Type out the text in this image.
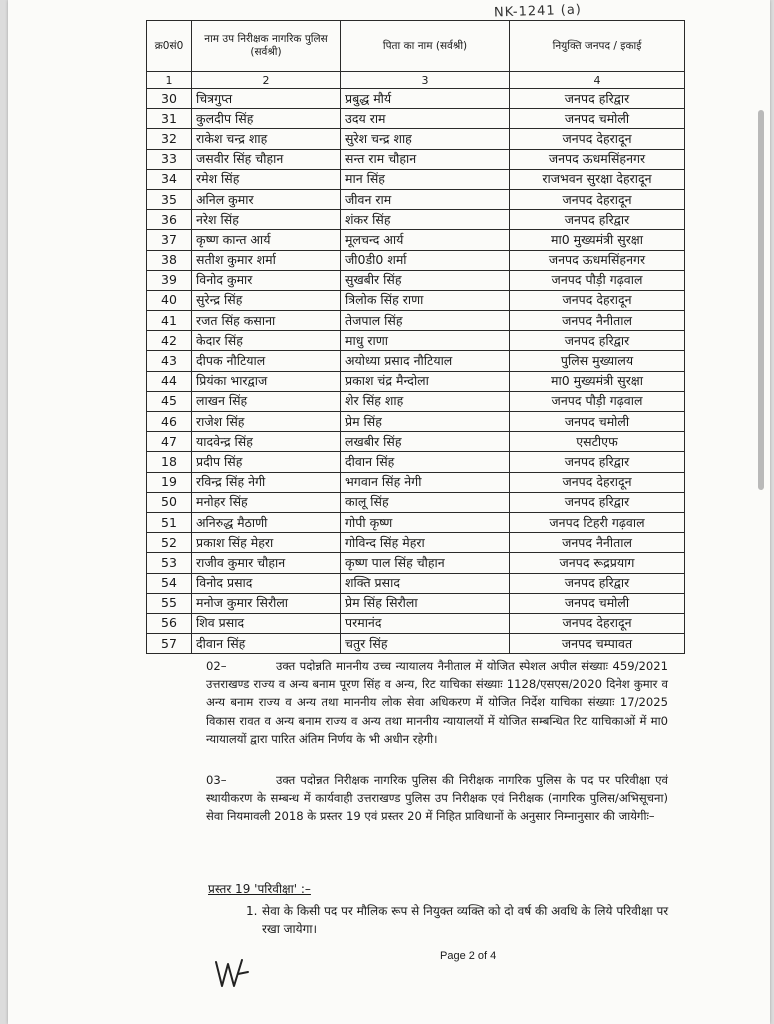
NK-1241 (a)
क्र0सं0	नाम उप निरीक्षक नागरिक पुलिस (सर्वश्री)	पिता का नाम (सर्वश्री)	नियुक्ति जनपद / इकाई
1	2	3	4
30	चित्रगुप्त	प्रबुद्ध मौर्य	जनपद हरिद्वार
31	कुलदीप सिंह	उदय राम	जनपद चमोली
32	राकेश चन्द्र शाह	सुरेश चन्द्र शाह	जनपद देहरादून
33	जसवीर सिंह चौहान	सन्त राम चौहान	जनपद ऊधमसिंहनगर
34	रमेश सिंह	मान सिंह	राजभवन सुरक्षा देहरादून
35	अनिल कुमार	जीवन राम	जनपद देहरादून
36	नरेश सिंह	शंकर सिंह	जनपद हरिद्वार
37	कृष्ण कान्त आर्य	मूलचन्द आर्य	मा0 मुख्यमंत्री सुरक्षा
38	सतीश कुमार शर्मा	जी0डी0 शर्मा	जनपद ऊधमसिंहनगर
39	विनोद कुमार	सुखबीर सिंह	जनपद पौड़ी गढ़वाल
40	सुरेन्द्र सिंह	त्रिलोक सिंह राणा	जनपद देहरादून
41	रजत सिंह कसाना	तेजपाल सिंह	जनपद नैनीताल
42	केदार सिंह	माधु राणा	जनपद हरिद्वार
43	दीपक नौटियाल	अयोध्या प्रसाद नौटियाल	पुलिस मुख्यालय
44	प्रियंका भारद्वाज	प्रकाश चंद्र मैन्दोला	मा0 मुख्यमंत्री सुरक्षा
45	लाखन सिंह	शेर सिंह शाह	जनपद पौड़ी गढ़वाल
46	राजेश सिंह	प्रेम सिंह	जनपद चमोली
47	यादवेन्द्र सिंह	लखबीर सिंह	एसटीएफ
18	प्रदीप सिंह	दीवान सिंह	जनपद हरिद्वार
19	रविन्द्र सिंह नेगी	भगवान सिंह नेगी	जनपद देहरादून
50	मनोहर सिंह	कालू सिंह	जनपद हरिद्वार
51	अनिरुद्ध मैठाणी	गोपी कृष्ण	जनपद टिहरी गढ़वाल
52	प्रकाश सिंह मेहरा	गोविन्द सिंह मेहरा	जनपद नैनीताल
53	राजीव कुमार चौहान	कृष्ण पाल सिंह चौहान	जनपद रूद्रप्रयाग
54	विनोद प्रसाद	शक्ति प्रसाद	जनपद हरिद्वार
55	मनोज कुमार सिरौला	प्रेम सिंह सिरौला	जनपद चमोली
56	शिव प्रसाद	परमानंद	जनपद देहरादून
57	दीवान सिंह	चतुर सिंह	जनपद चम्पावत
02–	उक्त पदोन्नति माननीय उच्च न्यायालय नैनीताल में योजित स्पेशल अपील संख्याः 459/2021 उत्तराखण्ड राज्य व अन्य बनाम पूरण सिंह व अन्य, रिट याचिका संख्याः 1128/एसएस/2020 दिनेश कुमार व अन्य बनाम राज्य व अन्य तथा माननीय लोक सेवा अधिकरण में योजित निर्देश याचिका संख्याः 17/2025 विकास रावत व अन्य बनाम राज्य व अन्य तथा माननीय न्यायालयों में योजित सम्बन्धित रिट याचिकाओं में मा0 न्यायालयों द्वारा पारित अंतिम निर्णय के भी अधीन रहेगी।
03–	उक्त पदोन्नत निरीक्षक नागरिक पुलिस की निरीक्षक नागरिक पुलिस के पद पर परिवीक्षा एवं स्थायीकरण के सम्बन्ध में कार्यवाही उत्तराखण्ड पुलिस उप निरीक्षक एवं निरीक्षक (नागरिक पुलिस/अभिसूचना) सेवा नियमावली 2018 के प्रस्तर 19 एवं प्रस्तर 20 में निहित प्राविधानों के अनुसार निम्नानुसार की जायेगीः–
प्रस्तर 19 'परिवीक्षा' :–
1. सेवा के किसी पद पर मौलिक रूप से नियुक्त व्यक्ति को दो वर्ष की अवधि के लिये परिवीक्षा पर रखा जायेगा।
Page 2 of 4
